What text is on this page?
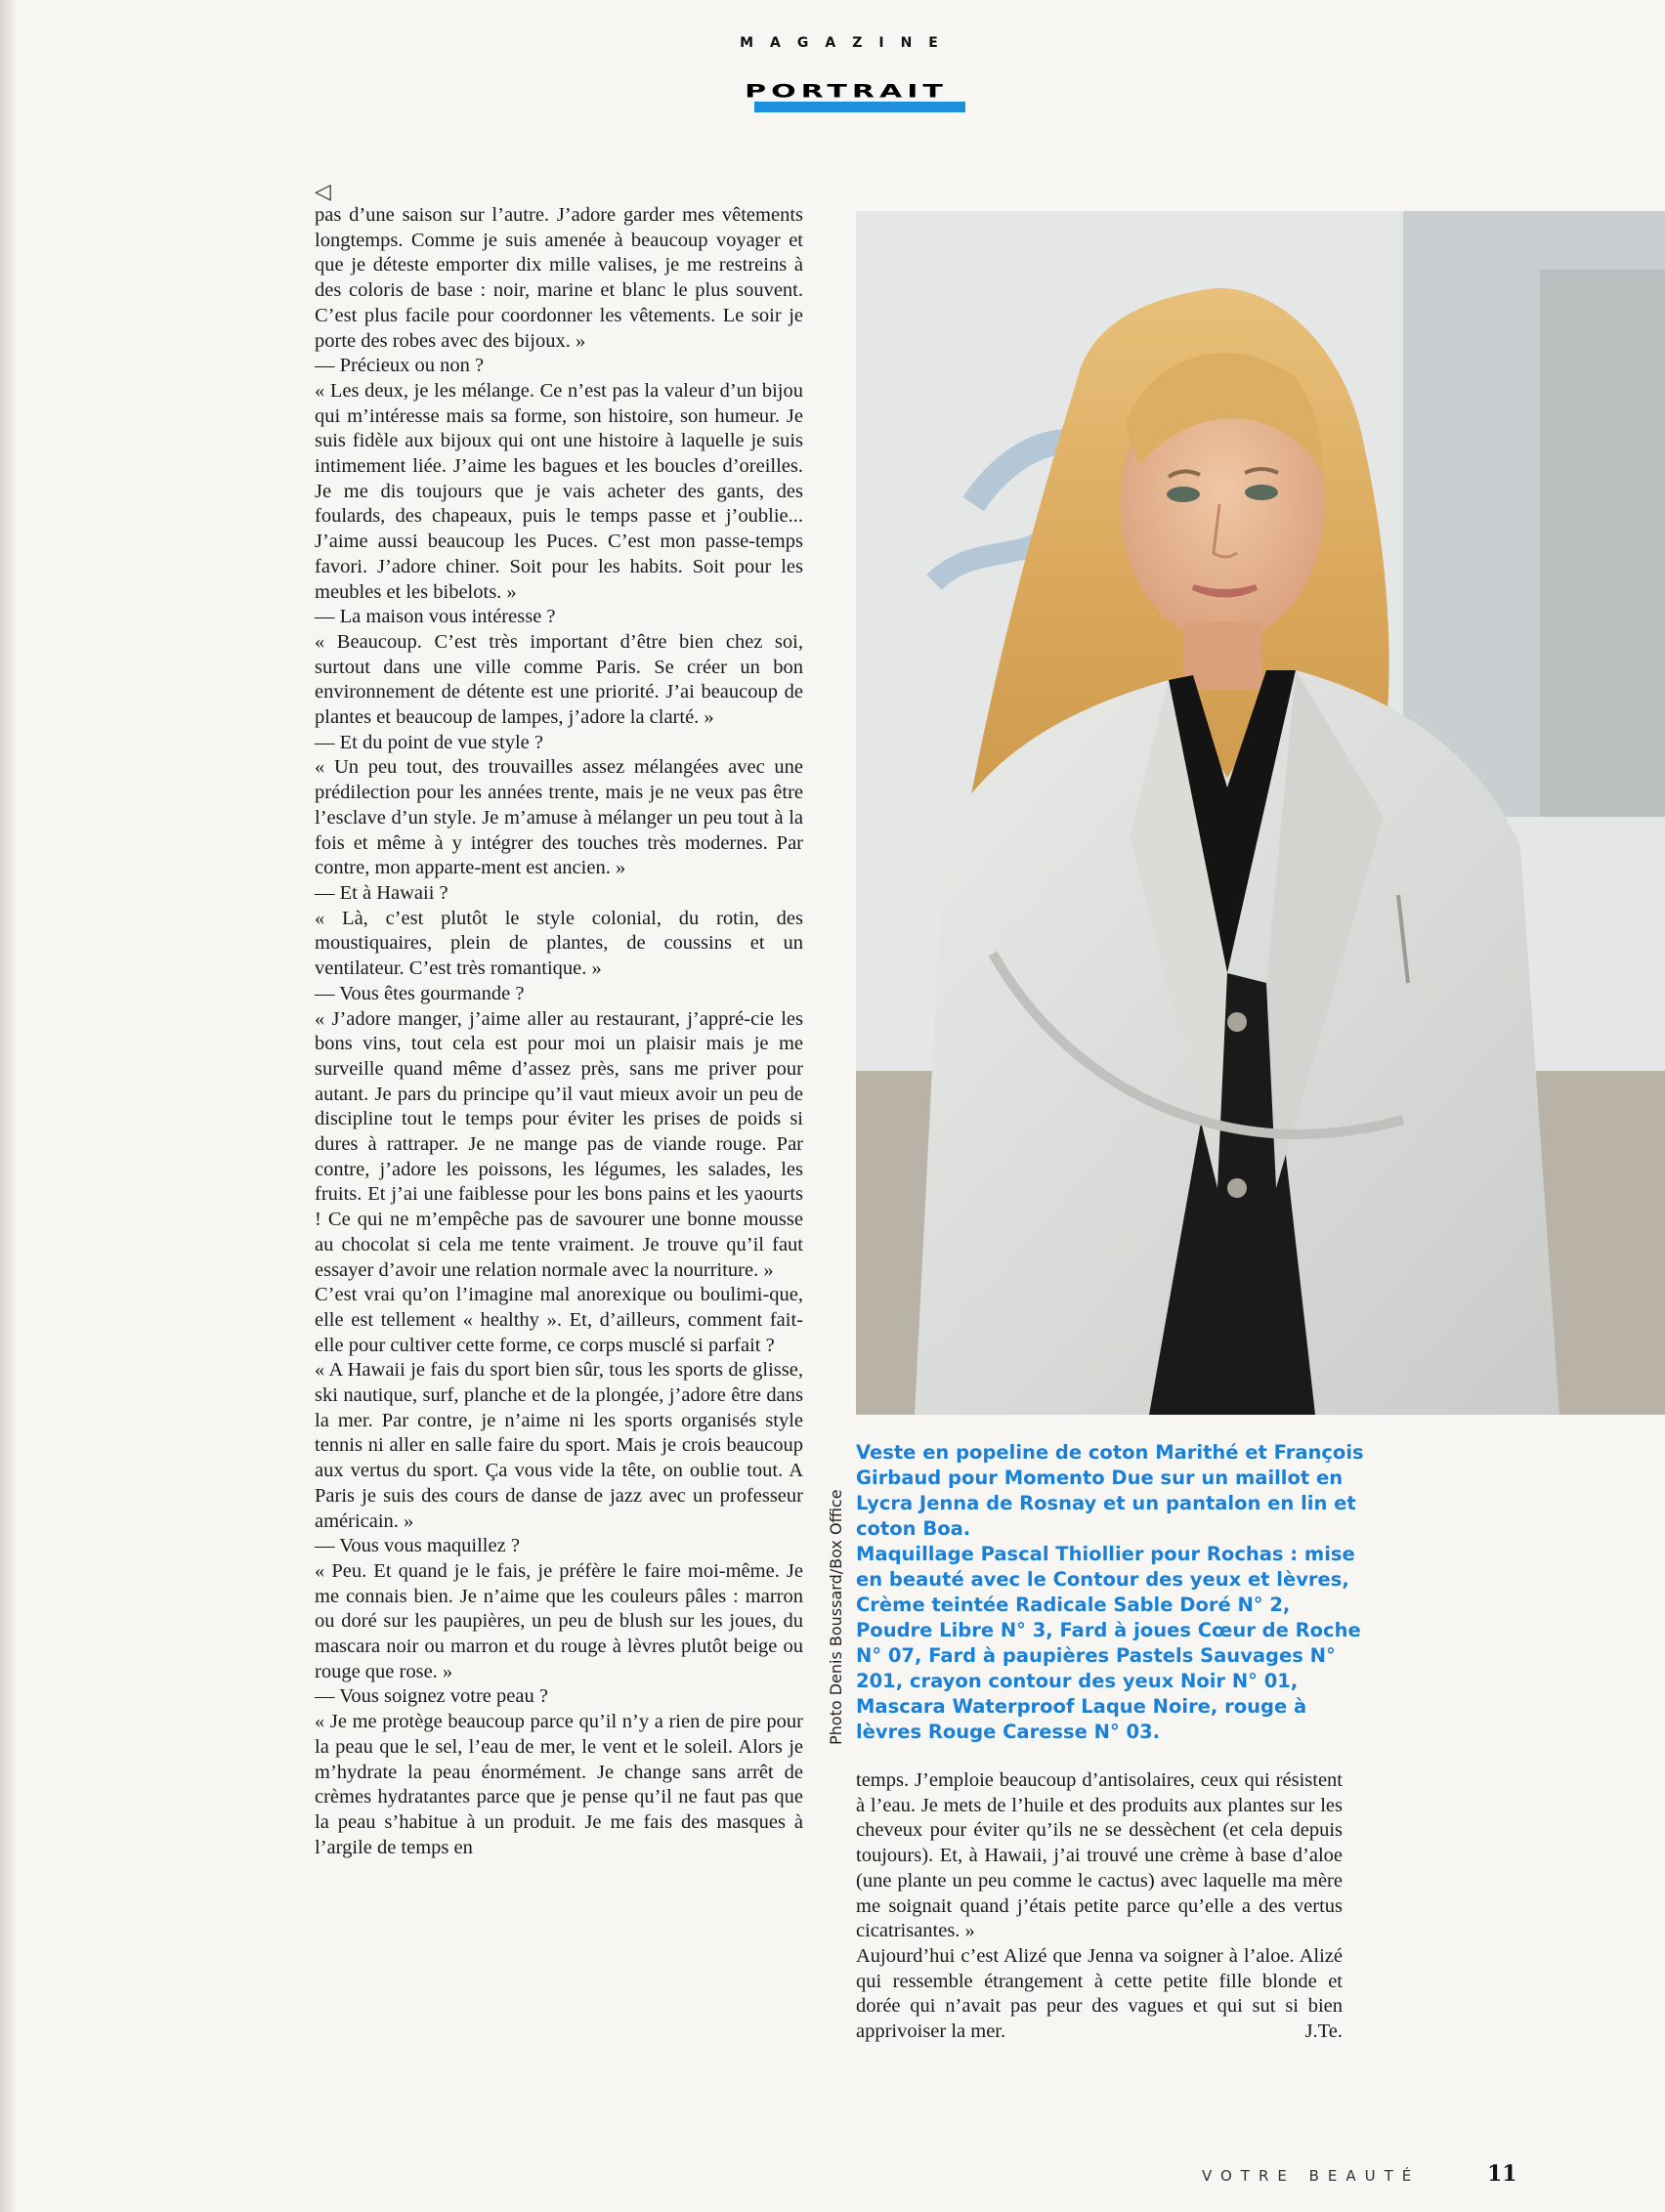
MAGAZINE
PORTRAIT
◁

pas d’une saison sur l’autre. J’adore garder mes vêtements longtemps. Comme je suis amenée à beaucoup voyager et que je déteste emporter dix mille valises, je me restreins à des coloris de base : noir, marine et blanc le plus souvent. C’est plus facile pour coordonner les vêtements. Le soir je porte des robes avec des bijoux. »

— Précieux ou non ?

« Les deux, je les mélange. Ce n’est pas la valeur d’un bijou qui m’intéresse mais sa forme, son histoire, son humeur. Je suis fidèle aux bijoux qui ont une histoire à laquelle je suis intimement liée. J’aime les bagues et les boucles d’oreilles. Je me dis toujours que je vais acheter des gants, des foulards, des chapeaux, puis le temps passe et j’oublie... J’aime aussi beaucoup les Puces. C’est mon passe-temps favori. J’adore chiner. Soit pour les habits. Soit pour les meubles et les bibelots. »

— La maison vous intéresse ?

« Beaucoup. C’est très important d’être bien chez soi, surtout dans une ville comme Paris. Se créer un bon environnement de détente est une priorité. J’ai beaucoup de plantes et beaucoup de lampes, j’adore la clarté. »

— Et du point de vue style ?

« Un peu tout, des trouvailles assez mélangées avec une prédilection pour les années trente, mais je ne veux pas être l’esclave d’un style. Je m’amuse à mélanger un peu tout à la fois et même à y intégrer des touches très modernes. Par contre, mon apparte-ment est ancien. »

— Et à Hawaii ?

« Là, c’est plutôt le style colonial, du rotin, des moustiquaires, plein de plantes, de coussins et un ventilateur. C’est très romantique. »

— Vous êtes gourmande ?

« J’adore manger, j’aime aller au restaurant, j’appré-cie les bons vins, tout cela est pour moi un plaisir mais je me surveille quand même d’assez près, sans me priver pour autant. Je pars du principe qu’il vaut mieux avoir un peu de discipline tout le temps pour éviter les prises de poids si dures à rattraper. Je ne mange pas de viande rouge. Par contre, j’adore les poissons, les légumes, les salades, les fruits. Et j’ai une faiblesse pour les bons pains et les yaourts ! Ce qui ne m’empêche pas de savourer une bonne mousse au chocolat si cela me tente vraiment. Je trouve qu’il faut essayer d’avoir une relation normale avec la nourriture. »

C’est vrai qu’on l’imagine mal anorexique ou boulimi-que, elle est tellement « healthy ». Et, d’ailleurs, comment fait-elle pour cultiver cette forme, ce corps musclé si parfait ?

« A Hawaii je fais du sport bien sûr, tous les sports de glisse, ski nautique, surf, planche et de la plongée, j’adore être dans la mer. Par contre, je n’aime ni les sports organisés style tennis ni aller en salle faire du sport. Mais je crois beaucoup aux vertus du sport. Ça vous vide la tête, on oublie tout. A Paris je suis des cours de danse de jazz avec un professeur américain. »

— Vous vous maquillez ?

« Peu. Et quand je le fais, je préfère le faire moi-même. Je me connais bien. Je n’aime que les couleurs pâles : marron ou doré sur les paupières, un peu de blush sur les joues, du mascara noir ou marron et du rouge à lèvres plutôt beige ou rouge que rose. »

— Vous soignez votre peau ?

« Je me protège beaucoup parce qu’il n’y a rien de pire pour la peau que le sel, l’eau de mer, le vent et le soleil. Alors je m’hydrate la peau énormément. Je change sans arrêt de crèmes hydratantes parce que je pense qu’il ne faut pas que la peau s’habitue à un produit. Je me fais des masques à l’argile de temps en

Photo Denis Boussard/Box Office

Veste en popeline de coton Marithé et François Girbaud pour Momento Due sur un maillot en Lycra Jenna de Rosnay et un pantalon en lin et coton Boa.

Maquillage Pascal Thiollier pour Rochas : mise en beauté avec le Contour des yeux et lèvres, Crème teintée Radicale Sable Doré N° 2, Poudre Libre N° 3, Fard à joues Cœur de Roche N° 07, Fard à paupières Pastels Sauvages N° 201, crayon contour des yeux Noir N° 01, Mascara Waterproof Laque Noire, rouge à lèvres Rouge Caresse N° 03.

temps. J’emploie beaucoup d’antisolaires, ceux qui résistent à l’eau. Je mets de l’huile et des produits aux plantes sur les cheveux pour éviter qu’ils ne se dessèchent (et cela depuis toujours). Et, à Hawaii, j’ai trouvé une crème à base d’aloe (une plante un peu comme le cactus) avec laquelle ma mère me soignait quand j’étais petite parce qu’elle a des vertus cicatrisantes. »

Aujourd’hui c’est Alizé que Jenna va soigner à l’aloe. Alizé qui ressemble étrangement à cette petite fille blonde et dorée qui n’avait pas peur des vagues et qui sut si bien apprivoiser la mer.	J.Te.
VOTRE BEAUTÉ	11
